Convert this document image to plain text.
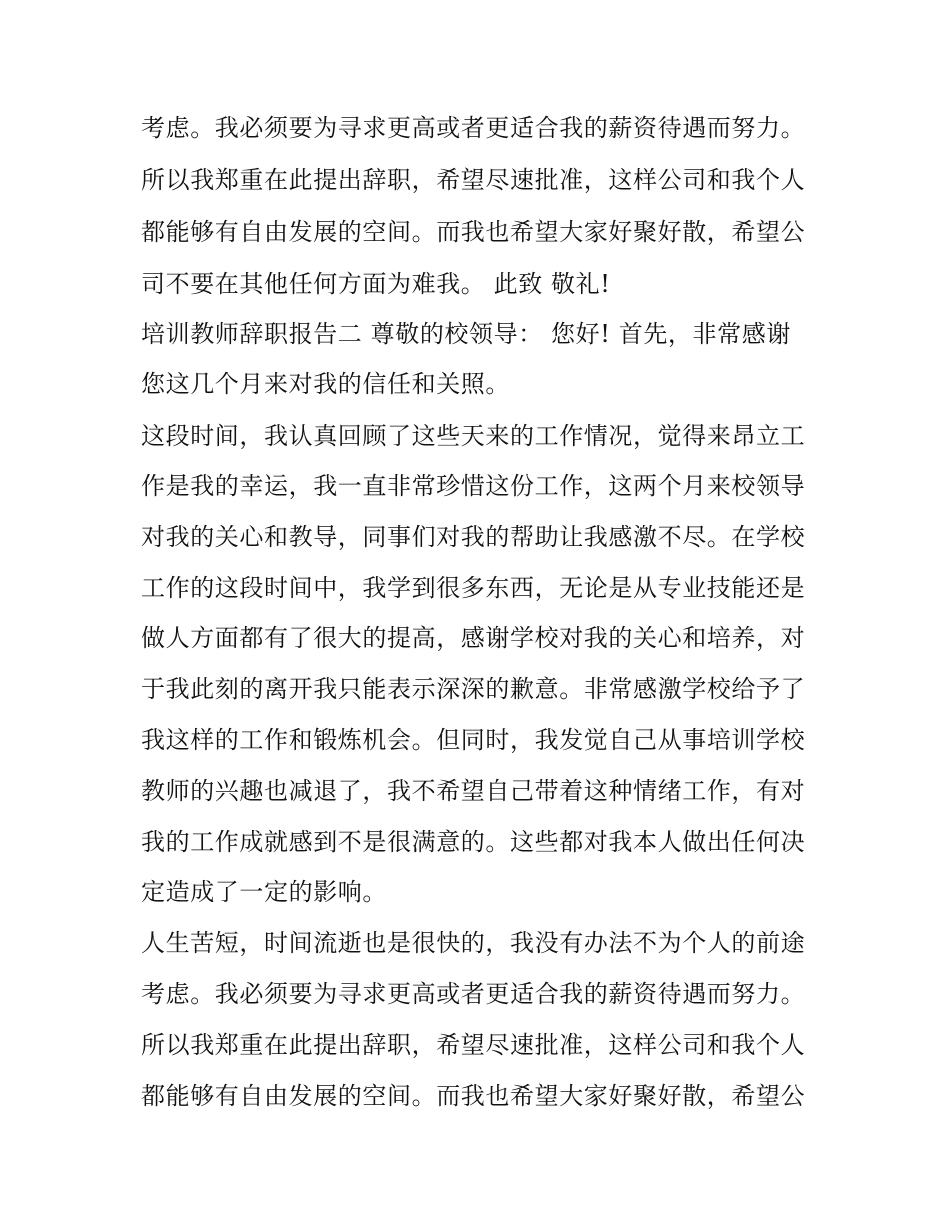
考虑。我必须要为寻求更高或者更适合我的薪资待遇而努力。
所以我郑重在此提出辞职，希望尽速批准，这样公司和我个人
都能够有自由发展的空间。而我也希望大家好聚好散，希望公
司不要在其他任何方面为难我。 此致 敬礼!
培训教师辞职报告二 尊敬的校领导： 您好! 首先，非常感谢
您这几个月来对我的信任和关照。
这段时间，我认真回顾了这些天来的工作情况，觉得来昂立工
作是我的幸运，我一直非常珍惜这份工作，这两个月来校领导
对我的关心和教导，同事们对我的帮助让我感激不尽。在学校
工作的这段时间中，我学到很多东西，无论是从专业技能还是
做人方面都有了很大的提高，感谢学校对我的关心和培养，对
于我此刻的离开我只能表示深深的歉意。非常感激学校给予了
我这样的工作和锻炼机会。但同时，我发觉自己从事培训学校
教师的兴趣也减退了，我不希望自己带着这种情绪工作，有对
我的工作成就感到不是很满意的。这些都对我本人做出任何决
定造成了一定的影响。
人生苦短，时间流逝也是很快的，我没有办法不为个人的前途
考虑。我必须要为寻求更高或者更适合我的薪资待遇而努力。
所以我郑重在此提出辞职，希望尽速批准，这样公司和我个人
都能够有自由发展的空间。而我也希望大家好聚好散，希望公
